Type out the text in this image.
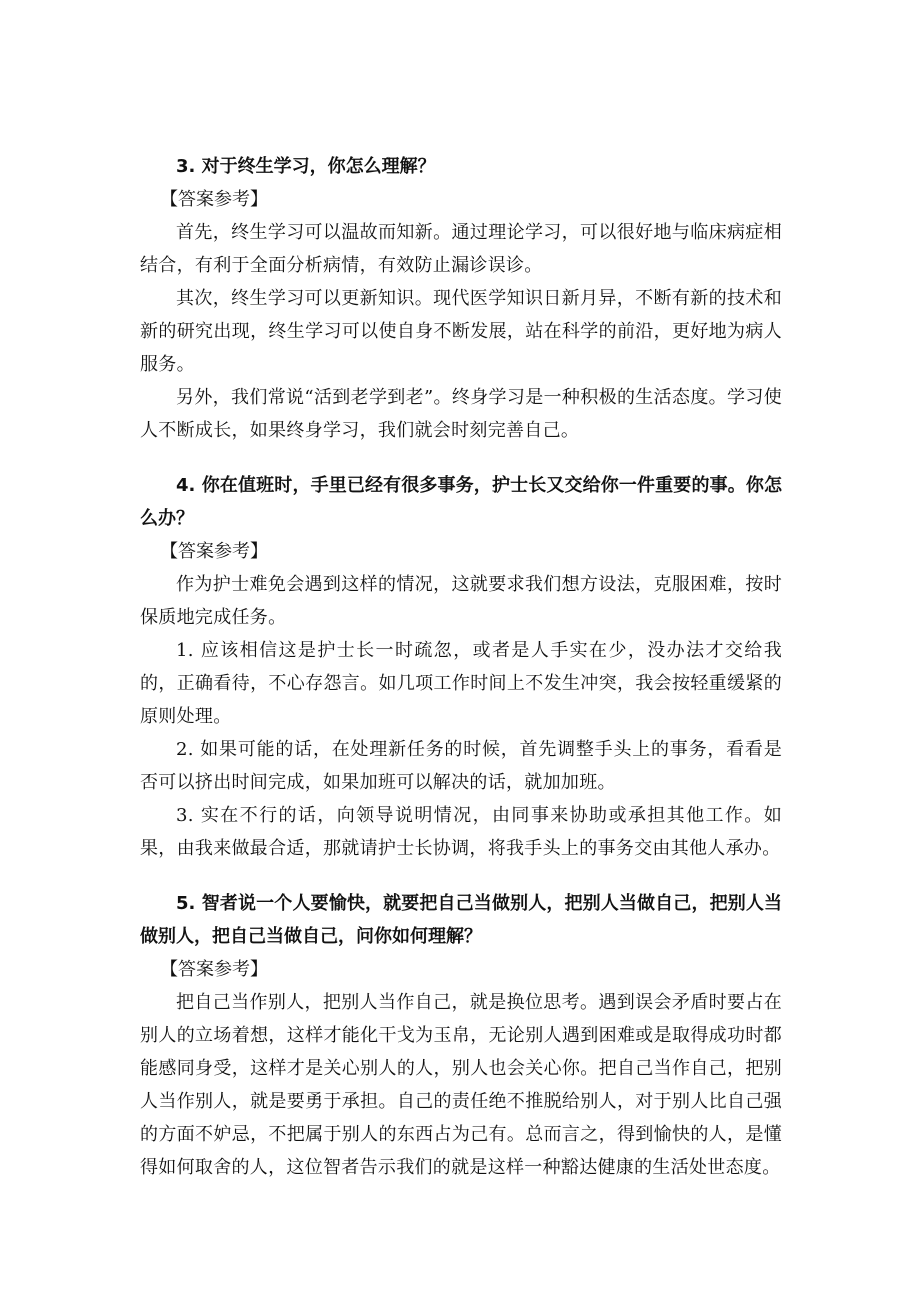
3. 对于终生学习，你怎么理解？

【答案参考】

首先，终生学习可以温故而知新。通过理论学习，可以很好地与临床病症相结合，有利于全面分析病情，有效防止漏诊误诊。

其次，终生学习可以更新知识。现代医学知识日新月异，不断有新的技术和新的研究出现，终生学习可以使自身不断发展，站在科学的前沿，更好地为病人服务。

另外，我们常说“活到老学到老”。终身学习是一种积极的生活态度。学习使人不断成长，如果终身学习，我们就会时刻完善自己。

4. 你在值班时，手里已经有很多事务，护士长又交给你一件重要的事。你怎么办？

【答案参考】

作为护士难免会遇到这样的情况，这就要求我们想方设法，克服困难，按时保质地完成任务。

1. 应该相信这是护士长一时疏忽，或者是人手实在少，没办法才交给我的，正确看待，不心存怨言。如几项工作时间上不发生冲突，我会按轻重缓紧的原则处理。

2. 如果可能的话，在处理新任务的时候，首先调整手头上的事务，看看是否可以挤出时间完成，如果加班可以解决的话，就加加班。

3. 实在不行的话，向领导说明情况，由同事来协助或承担其他工作。如果，由我来做最合适，那就请护士长协调，将我手头上的事务交由其他人承办。

5. 智者说一个人要愉快，就要把自己当做别人，把别人当做自己，把别人当做别人，把自己当做自己，问你如何理解？

【答案参考】

把自己当作别人，把别人当作自己，就是换位思考。遇到误会矛盾时要占在别人的立场着想，这样才能化干戈为玉帛，无论别人遇到困难或是取得成功时都能感同身受，这样才是关心别人的人，别人也会关心你。把自己当作自己，把别人当作别人，就是要勇于承担。自己的责任绝不推脱给别人，对于别人比自己强的方面不妒忌，不把属于别人的东西占为己有。总而言之，得到愉快的人，是懂得如何取舍的人，这位智者告示我们的就是这样一种豁达健康的生活处世态度。
